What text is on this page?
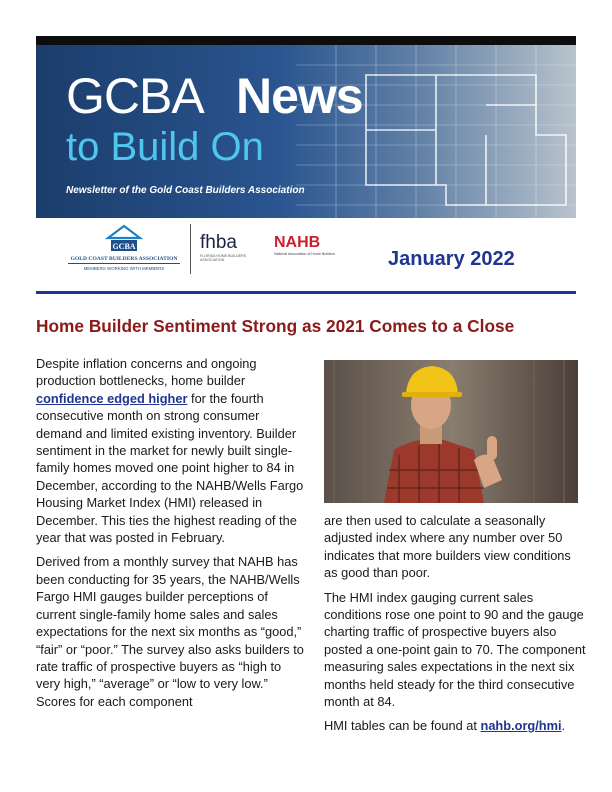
GCBA News
to Build On
Newsletter of the Gold Coast Builders Association
GCBA
GOLD COAST BUILDERS ASSOCIATION
MEMBERS WORKING WITH MEMBERS
fhba
FLORIDA HOME BUILDERS ASSOCIATION
NAHB
National Association of Home Builders	January 2022
Home Builder Sentiment Strong as 2021 Comes to a Close

Despite inflation concerns and ongoing production bottlenecks, home builder confidence edged higher for the fourth consecutive month on strong consumer demand and limited existing inventory. Builder sentiment in the market for newly built single-family homes moved one point higher to 84 in December, according to the NAHB/Wells Fargo Housing Market Index (HMI) released in December. This ties the highest reading of the year that was posted in February.

Derived from a monthly survey that NAHB has been conducting for 35 years, the NAHB/Wells Fargo HMI gauges builder perceptions of current single-family home sales and sales expectations for the next six months as “good,” “fair” or “poor.” The survey also asks builders to rate traffic of prospective buyers as “high to very high,” “average” or “low to very low.” Scores for each component

are then used to calculate a seasonally adjusted index where any number over 50 indicates that more builders view conditions as good than poor.

The HMI index gauging current sales conditions rose one point to 90 and the gauge charting traffic of prospective buyers also posted a one-point gain to 70. The component measuring sales expectations in the next six months held steady for the third consecutive month at 84.

HMI tables can be found at nahb.org/hmi.
